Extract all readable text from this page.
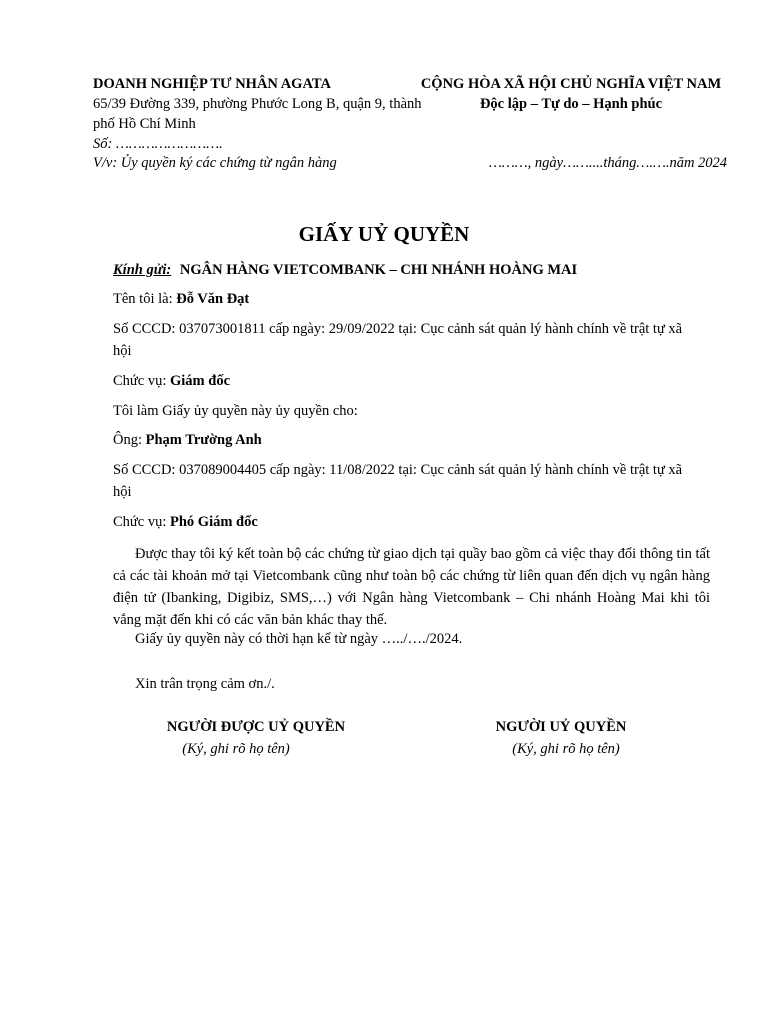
DOANH NGHIỆP TƯ NHÂN AGATA
65/39 Đường 339, phường Phước Long B, quận 9, thành
phố Hồ Chí Minh
Số: …………………….
V/v: Ủy quyền ký các chứng từ ngân hàng
CỘNG HÒA XÃ HỘI CHỦ NGHĨA VIỆT NAM
Độc lập – Tự do – Hạnh phúc
………, ngày……....tháng….….năm 2024
GIẤY UỶ QUYỀN
Kính gửi: NGÂN HÀNG VIETCOMBANK – CHI NHÁNH HOÀNG MAI
Tên tôi là: Đỗ Văn Đạt
Số CCCD: 037073001811 cấp ngày: 29/09/2022 tại: Cục cảnh sát quản lý hành chính về trật tự xã
hội
Chức vụ: Giám đốc
Tôi làm Giấy ủy quyền này ủy quyền cho:
Ông: Phạm Trường Anh
Số CCCD: 037089004405 cấp ngày: 11/08/2022 tại: Cục cảnh sát quản lý hành chính về trật tự xã
hội
Chức vụ: Phó Giám đốc
Được thay tôi ký kết toàn bộ các chứng từ giao dịch tại quầy bao gồm cả việc thay đổi thông tin tất cả các tài khoản mở tại Vietcombank cũng như toàn bộ các chứng từ liên quan đến dịch vụ ngân hàng điện tử (Ibanking, Digibiz, SMS,…) với Ngân hàng Vietcombank – Chi nhánh Hoàng Mai khi tôi vắng mặt đến khi có các văn bản khác thay thế.
Giấy ủy quyền này có thời hạn kể từ ngày …../…./2024.
Xin trân trọng cảm ơn./.
NGƯỜI ĐƯỢC UỶ QUYỀN
(Ký, ghi rõ họ tên)
NGƯỜI UỶ QUYỀN
(Ký, ghi rõ họ tên)
